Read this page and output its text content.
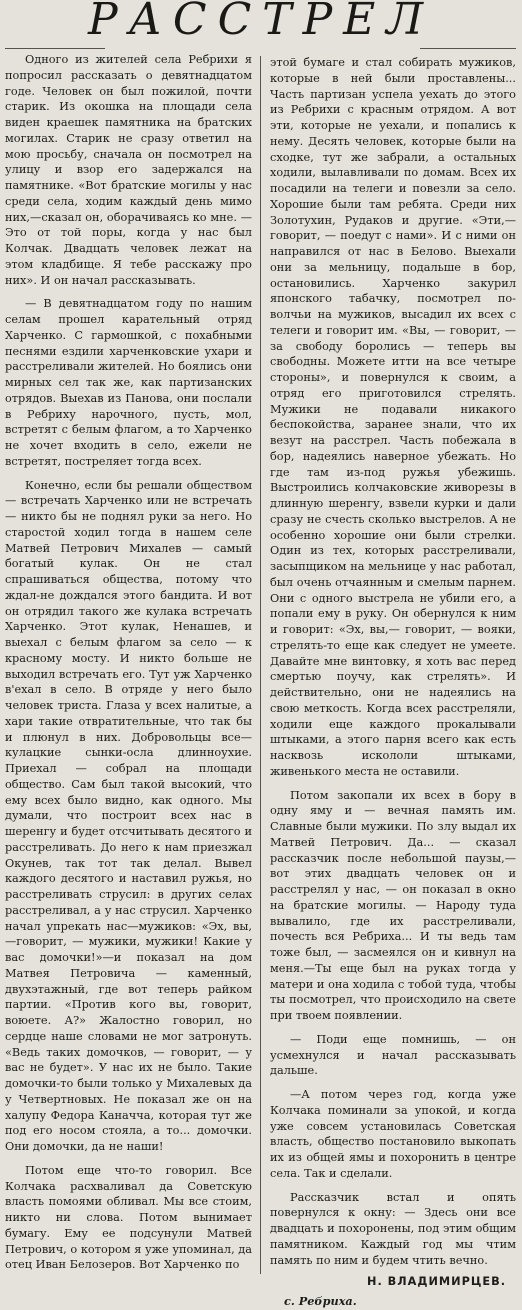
РАССТРЕЛ

Одного из жителей села Ребрихи я попросил рассказать о девятнадцатом годе. Человек он был пожилой, почти старик. Из окошка на площади села виден краешек памятника на братских могилах. Старик не сразу ответил на мою просьбу, сначала он посмотрел на улицу и взор его задержался на памятнике. «Вот братские могилы у нас среди села, ходим каждый день мимо них,—сказал он, оборачиваясь ко мне. — Это от той поры, когда у нас был Колчак. Двадцать человек лежат на этом кладбище. Я тебе расскажу про них». И он начал рассказывать.

— В девятнадцатом году по нашим селам прошел карательный отряд Харченко. С гармошкой, с похабными песнями ездили харченковские ухари и расстреливали жителей. Но боялись они мирных сел так же, как партизанских отрядов. Выехав из Панова, они послали в Ребриху нарочного, пусть, мол, встретят с белым флагом, а то Харченко не хочет входить в село, ежели не встретят, постреляет тогда всех.

Конечно, если бы решали обществом — встречать Харченко или не встречать — никто бы не поднял руки за него. Но старостой ходил тогда в нашем селе Матвей Петрович Михалев — самый богатый кулак. Он не стал спрашиваться общества, потому что ждал-не дождался этого бандита. И вот он отрядил такого же кулака встречать Харченко. Этот кулак, Ненашев, и выехал с белым флагом за село — к красному мосту. И никто больше не выходил встречать его. Тут уж Харченко в'ехал в село. В отряде у него было человек триста. Глаза у всех налитые, а хари такие отвратительные, что так бы и плюнул в них. Добровольцы все—кулацкие сынки-осла длинноухие. Приехал — собрал на площади общество. Сам был такой высокий, что ему всех было видно, как одного. Мы думали, что построит всех нас в шеренгу и будет отсчитывать десятого и расстреливать. До него к нам приезжал Окунев, так тот так делал. Вывел каждого десятого и наставил ружья, но расстреливать струсил: в других селах расстреливал, а у нас струсил. Харченко начал упрекать нас—мужиков: «Эх, вы,—говорит, — мужики, мужики! Какие у вас домочки!»—и показал на дом Матвея Петровича — каменный, двухэтажный, где вот теперь райком партии. «Против кого вы, говорит, воюете. А?» Жалостно говорил, но сердце наше словами не мог затронуть. «Ведь таких домочков, — говорит, — у вас не будет». У нас их не было. Такие домочки-то были только у Михалевых да у Четвертновых. Не показал же он на халупу Федора Каначча, которая тут же под его носом стояла, а то... домочки. Они домочки, да не наши!

Потом еще что-то говорил. Все Колчака расхваливал да Советскую власть помоями обливал. Мы все стоим, никто ни слова. Потом вынимает бумагу. Ему ее подсунули Матвей Петрович, о котором я уже упоминал, да отец Иван Белозеров. Вот Харченко по

этой бумаге и стал собирать мужиков, которые в ней были проставлены... Часть партизан успела уехать до этого из Ребрихи с красным отрядом. А вот эти, которые не уехали, и попались к нему. Десять человек, которые были на сходке, тут же забрали, а остальных ходили, вылавливали по домам. Всех их посадили на телеги и повезли за село. Хорошие были там ребята. Среди них Золотухин, Рудаков и другие. «Эти,—говорит, — поедут с нами». И с ними он направился от нас в Белово. Выехали они за мельницу, подальше в бор, остановились. Харченко закурил японского табачку, посмотрел по-волчьи на мужиков, высадил их всех с телеги и говорит им. «Вы, — говорит, — за свободу боролись — теперь вы свободны. Можете итти на все четыре стороны», и повернулся к своим, а отряд его приготовился стрелять. Мужики не подавали никакого беспокойства, заранее знали, что их везут на расстрел. Часть побежала в бор, надеялись наверное убежать. Но где там из-под ружья убежишь. Выстроились колчаковские живорезы в длинную шеренгу, взвели курки и дали сразу не счесть сколько выстрелов. А не особенно хорошие они были стрелки. Один из тех, которых расстреливали, засыпщиком на мельнице у нас работал, был очень отчаянным и смелым парнем. Они с одного выстрела не убили его, а попали ему в руку. Он обернулся к ним и говорит: «Эх, вы,— говорит, — вояки, стрелять-то еще как следует не умеете. Давайте мне винтовку, я хоть вас перед смертью поучу, как стрелять». И действительно, они не надеялись на свою меткость. Когда всех расстреляли, ходили еще каждого прокалывали штыками, а этого парня всего как есть насквозь искололи штыками, живенького места не оставили.

Потом закопали их всех в бору в одну яму и — вечная память им. Славные были мужики. По злу выдал их Матвей Петрович. Да... — сказал рассказчик после небольшой паузы,— вот этих двадцать человек он и расстрелял у нас, — он показал в окно на братские могилы. — Народу туда вывалило, где их расстреливали, почесть вся Ребриха... И ты ведь там тоже был, — засмеялся он и кивнул на меня.—Ты еще был на руках тогда у матери и она ходила с тобой туда, чтобы ты посмотрел, что происходило на свете при твоем появлении.

— Поди еще помнишь, — он усмехнулся и начал рассказывать дальше.

—А потом через год, когда уже Колчака поминали за упокой, и когда уже совсем установилась Советская власть, общество постановило выкопать их из общей ямы и похоронить в центре села. Так и сделали.

Рассказчик встал и опять повернулся к окну: — Здесь они все двадцать и похоронены, под этим общим памятником. Каждый год мы чтим память по ним и будем чтить вечно.

Н. ВЛАДИМИРЦЕВ.

с. Ребриха.
